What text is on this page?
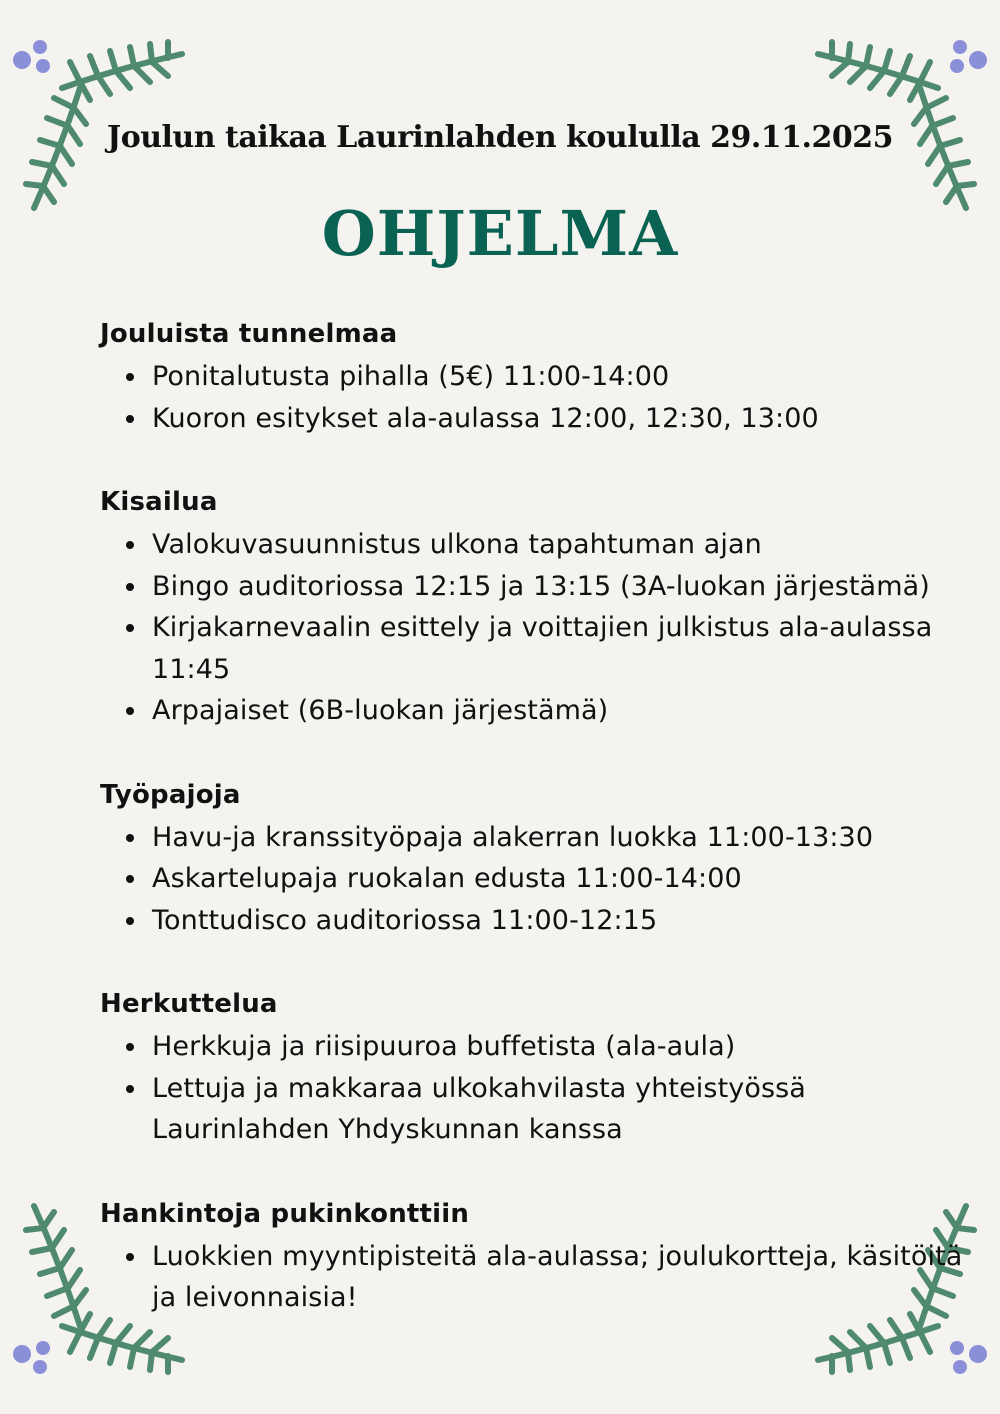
Joulun taikaa Laurinlahden koululla 29.11.2025

OHJELMA
Jouluista tunnelmaa
Ponitalutusta pihalla (5€) 11:00-14:00
Kuoron esitykset ala-aulassa 12:00, 12:30, 13:00
Kisailua
Valokuvasuunnistus ulkona tapahtuman ajan
Bingo auditoriossa 12:15 ja 13:15 (3A-luokan järjestämä)
Kirjakarnevaalin esittely ja voittajien julkistus ala-aulassa 11:45
Arpajaiset (6B-luokan järjestämä)
Työpajoja
Havu-ja kranssityöpaja alakerran luokka 11:00-13:30
Askartelupaja ruokalan edusta 11:00-14:00
Tonttudisco auditoriossa 11:00-12:15
Herkuttelua
Herkkuja ja riisipuuroa buffetista (ala-aula)
Lettuja ja makkaraa ulkokahvilasta yhteistyössä Laurinlahden Yhdyskunnan kanssa
Hankintoja pukinkonttiin
Luokkien myyntipisteitä ala-aulassa; joulukortteja, käsitöitä ja leivonnaisia!
